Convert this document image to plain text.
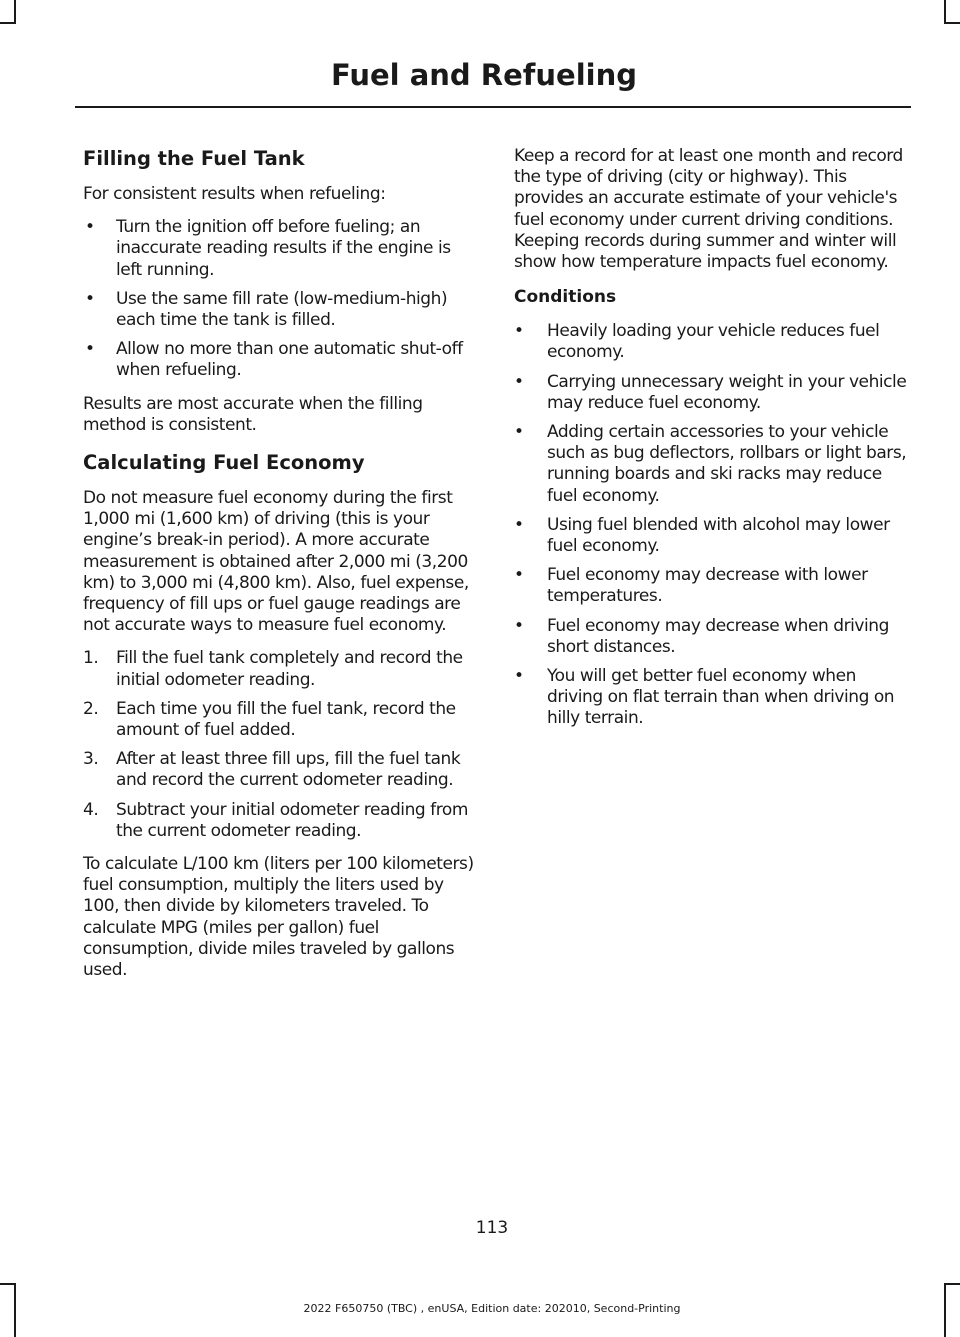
Fuel and Refueling
Filling the Fuel Tank

For consistent results when refueling:

• Turn the ignition off before fueling; an inaccurate reading results if the engine is left running.
• Use the same fill rate (low-medium-high) each time the tank is filled.
• Allow no more than one automatic shut-off when refueling.

Results are most accurate when the filling method is consistent.

Calculating Fuel Economy

Do not measure fuel economy during the first 1,000 mi (1,600 km) of driving (this is your engine’s break-in period). A more accurate measurement is obtained after 2,000 mi (3,200 km) to 3,000 mi (4,800 km). Also, fuel expense, frequency of fill ups or fuel gauge readings are not accurate ways to measure fuel economy.

1. Fill the fuel tank completely and record the initial odometer reading.
2. Each time you fill the fuel tank, record the amount of fuel added.
3. After at least three fill ups, fill the fuel tank and record the current odometer reading.
4. Subtract your initial odometer reading from the current odometer reading.

To calculate L/100 km (liters per 100 kilometers) fuel consumption, multiply the liters used by 100, then divide by kilometers traveled. To calculate MPG (miles per gallon) fuel consumption, divide miles traveled by gallons used.

Keep a record for at least one month and record the type of driving (city or highway). This provides an accurate estimate of your vehicle's fuel economy under current driving conditions. Keeping records during summer and winter will show how temperature impacts fuel economy.

Conditions
• Heavily loading your vehicle reduces fuel economy.
• Carrying unnecessary weight in your vehicle may reduce fuel economy.
• Adding certain accessories to your vehicle such as bug deflectors, rollbars or light bars, running boards and ski racks may reduce fuel economy.
• Using fuel blended with alcohol may lower fuel economy.
• Fuel economy may decrease with lower temperatures.
• Fuel economy may decrease when driving short distances.
• You will get better fuel economy when driving on flat terrain than when driving on hilly terrain.
113
2022 F650750 (TBC) , enUSA, Edition date: 202010, Second-Printing
